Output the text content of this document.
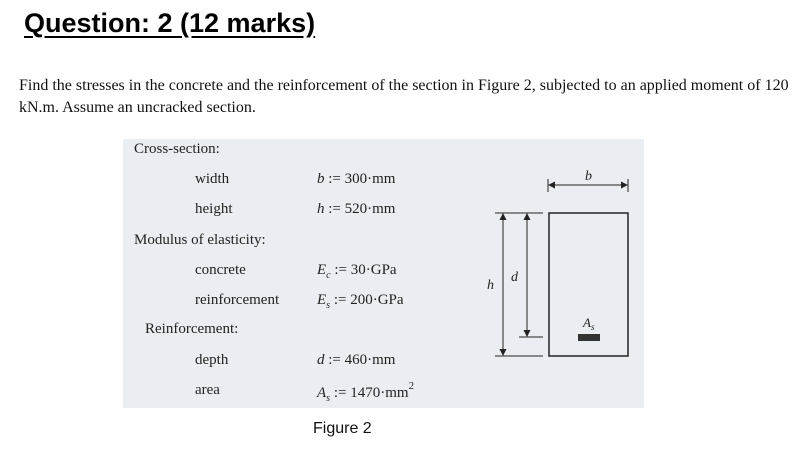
Question: 2 (12 marks)
Find the stresses in the concrete and the reinforcement of the section in Figure 2, subjected to an applied moment of 120 kN.m. Assume an uncracked section.
Cross-section:
width	b := 300·mm
height	h := 520·mm
Modulus of elasticity:
concrete	$E_c$ := 30·GPa
reinforcement	$E_s$ := 200·GPa
Reinforcement:
depth	d := 460·mm
area	$A_s$ := $1470\cdot mm^2$
b
h
d
$A_s$
Figure 2
